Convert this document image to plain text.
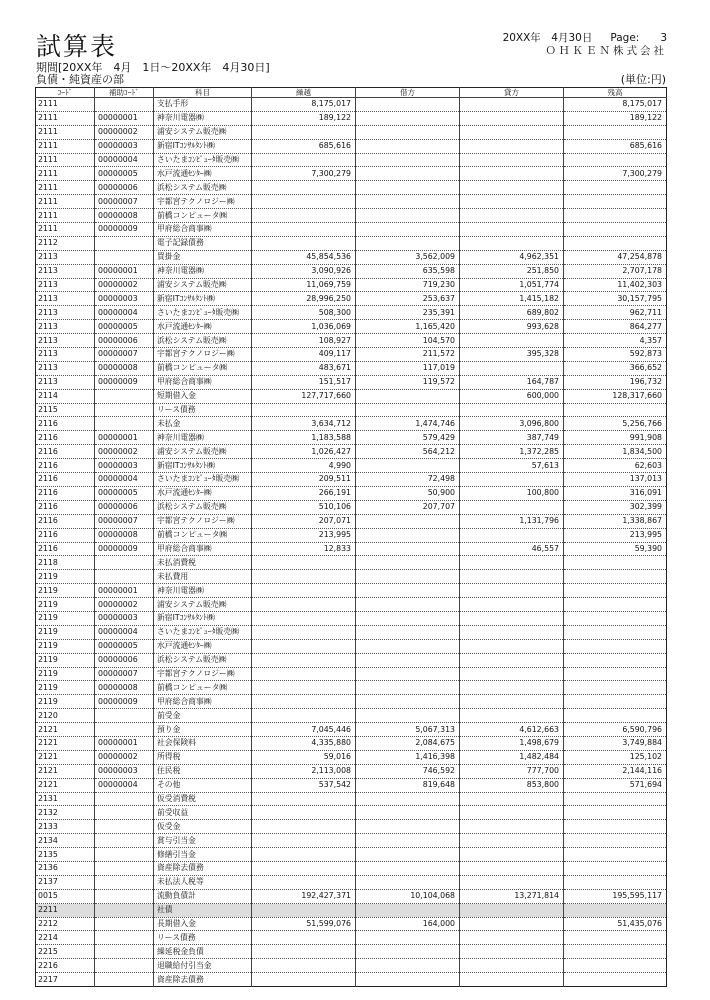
試算表	20XX年　4月30日 Page:　　3
ＯＨＫＥＮ株式会社
期間[20XX年　4月　1日～20XX年　4月30日]
負債・純資産の部	(単位:円)
ｺｰﾄﾞ	補助ｺｰﾄﾞ	科目	繰越	借方	貸方	残高
2111		支払手形	8,175,017			8,175,017
2111	00000001	神奈川電器㈱	189,122			189,122
2111	00000002	浦安システム販売㈱				
2111	00000003	新宿ITｺﾝｻﾙﾀﾝﾄ㈱	685,616			685,616
2111	00000004	さいたまｺﾝﾋﾟｭｰﾀ販売㈱				
2111	00000005	水戸流通ｾﾝﾀｰ㈱	7,300,279			7,300,279
2111	00000006	浜松システム販売㈱				
2111	00000007	宇都宮テクノロジー㈱				
2111	00000008	前橋コンピュータ㈱				
2111	00000009	甲府総合商事㈱				
2112		電子記録債務				
2113		買掛金	45,854,536	3,562,009	4,962,351	47,254,878
2113	00000001	神奈川電器㈱	3,090,926	635,598	251,850	2,707,178
2113	00000002	浦安システム販売㈱	11,069,759	719,230	1,051,774	11,402,303
2113	00000003	新宿ITｺﾝｻﾙﾀﾝﾄ㈱	28,996,250	253,637	1,415,182	30,157,795
2113	00000004	さいたまｺﾝﾋﾟｭｰﾀ販売㈱	508,300	235,391	689,802	962,711
2113	00000005	水戸流通ｾﾝﾀｰ㈱	1,036,069	1,165,420	993,628	864,277
2113	00000006	浜松システム販売㈱	108,927	104,570		4,357
2113	00000007	宇都宮テクノロジー㈱	409,117	211,572	395,328	592,873
2113	00000008	前橋コンピュータ㈱	483,671	117,019		366,652
2113	00000009	甲府総合商事㈱	151,517	119,572	164,787	196,732
2114		短期借入金	127,717,660		600,000	128,317,660
2115		リース債務				
2116		未払金	3,634,712	1,474,746	3,096,800	5,256,766
2116	00000001	神奈川電器㈱	1,183,588	579,429	387,749	991,908
2116	00000002	浦安システム販売㈱	1,026,427	564,212	1,372,285	1,834,500
2116	00000003	新宿ITｺﾝｻﾙﾀﾝﾄ㈱	4,990		57,613	62,603
2116	00000004	さいたまｺﾝﾋﾟｭｰﾀ販売㈱	209,511	72,498		137,013
2116	00000005	水戸流通ｾﾝﾀｰ㈱	266,191	50,900	100,800	316,091
2116	00000006	浜松システム販売㈱	510,106	207,707		302,399
2116	00000007	宇都宮テクノロジー㈱	207,071		1,131,796	1,338,867
2116	00000008	前橋コンピュータ㈱	213,995			213,995
2116	00000009	甲府総合商事㈱	12,833		46,557	59,390
2118		未払消費税				
2119		未払費用				
2119	00000001	神奈川電器㈱				
2119	00000002	浦安システム販売㈱				
2119	00000003	新宿ITｺﾝｻﾙﾀﾝﾄ㈱				
2119	00000004	さいたまｺﾝﾋﾟｭｰﾀ販売㈱				
2119	00000005	水戸流通ｾﾝﾀｰ㈱				
2119	00000006	浜松システム販売㈱				
2119	00000007	宇都宮テクノロジー㈱				
2119	00000008	前橋コンピュータ㈱				
2119	00000009	甲府総合商事㈱				
2120		前受金				
2121		預り金	7,045,446	5,067,313	4,612,663	6,590,796
2121	00000001	社会保険料	4,335,880	2,084,675	1,498,679	3,749,884
2121	00000002	所得税	59,016	1,416,398	1,482,484	125,102
2121	00000003	住民税	2,113,008	746,592	777,700	2,144,116
2121	00000004	その他	537,542	819,648	853,800	571,694
2131		仮受消費税				
2132		前受収益				
2133		仮受金				
2134		賞与引当金				
2135		修繕引当金				
2136		資産除去債務				
2137		未払法人税等				
0015		流動負債計	192,427,371	10,104,068	13,271,814	195,595,117
2211		社債				
2212		長期借入金	51,599,076	164,000		51,435,076
2214		リース債務				
2215		繰延税金負債				
2216		退職給付引当金				
2217		資産除去債務				
